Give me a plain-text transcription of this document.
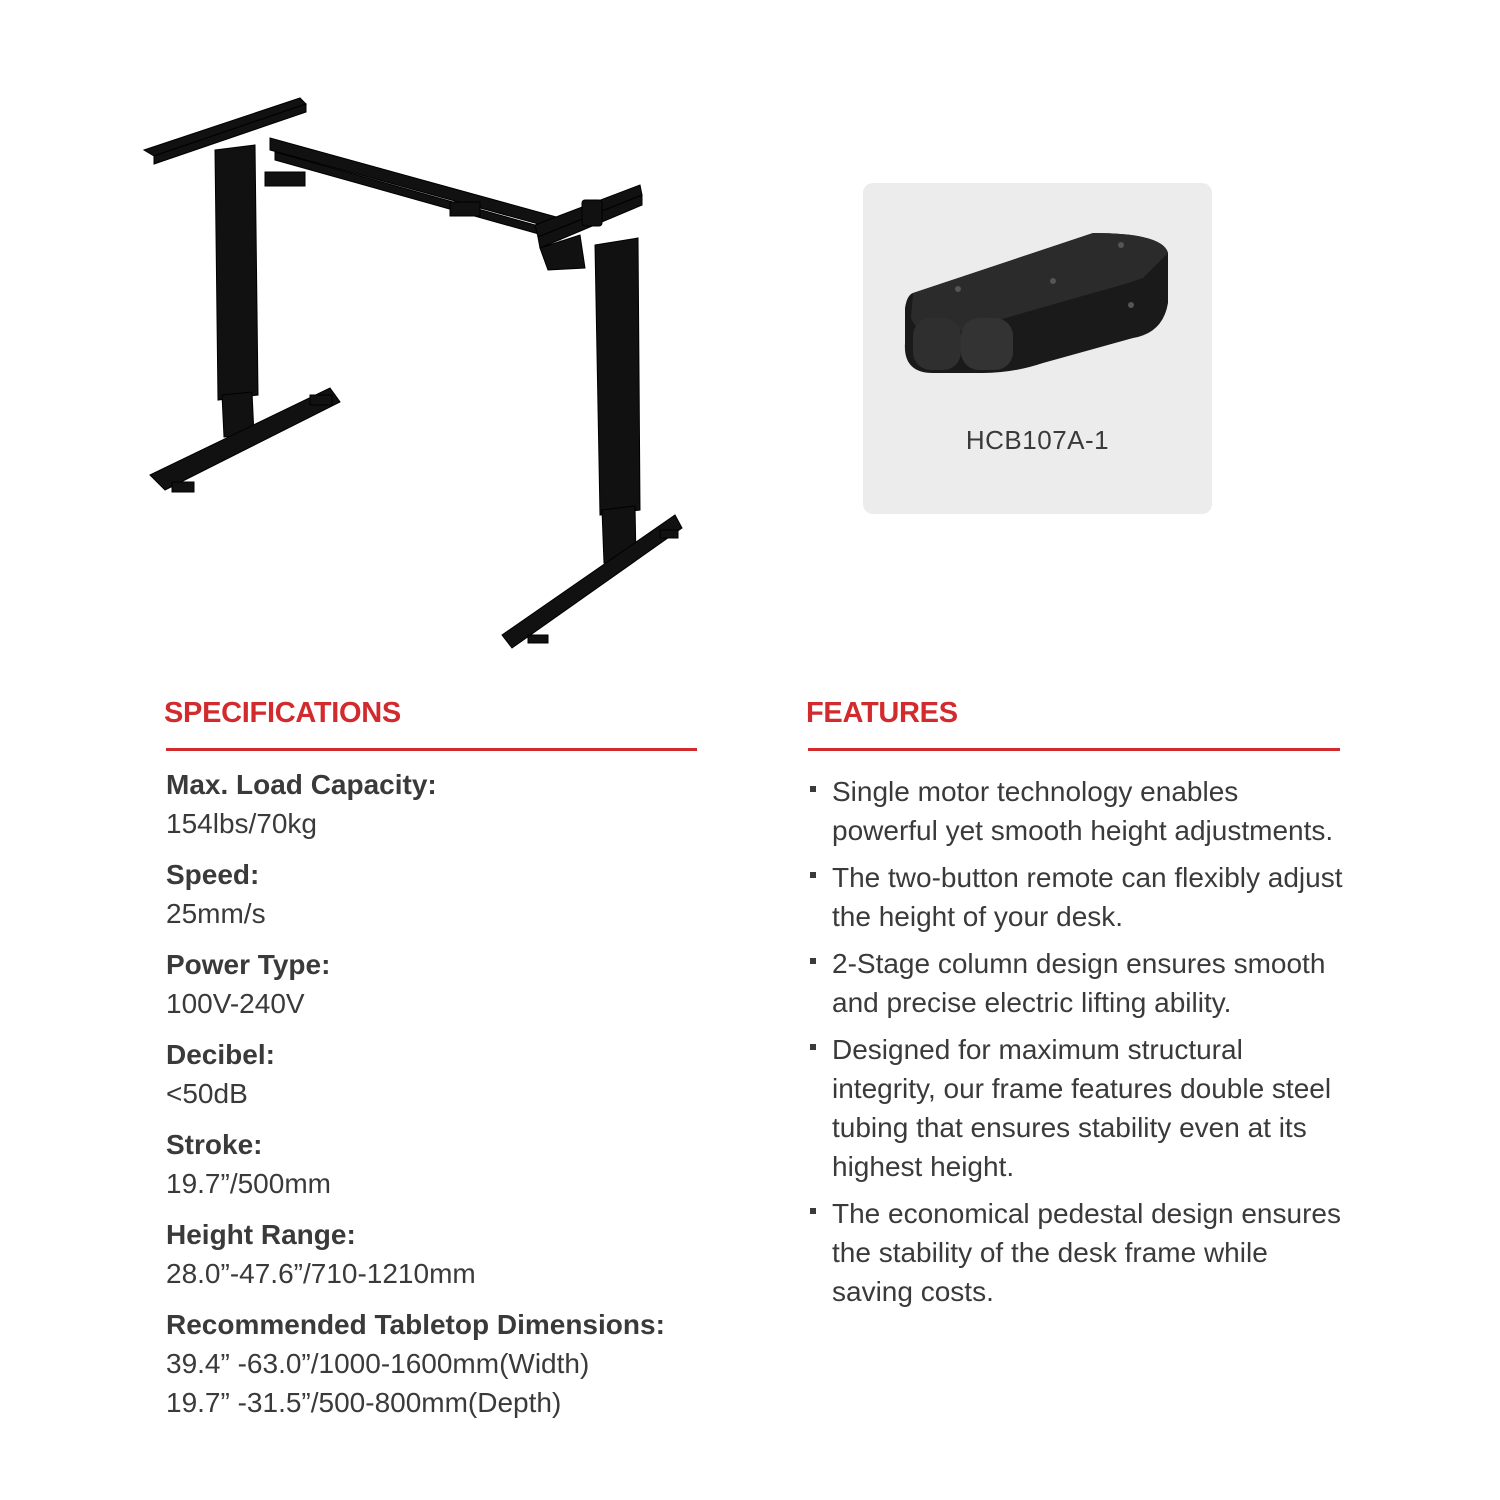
HCB107A-1
SPECIFICATIONS
Max. Load Capacity:
154lbs/70kg
Speed:
25mm/s
Power Type:
100V-240V
Decibel:
<50dB
Stroke:
19.7”/500mm
Height Range:
28.0”-47.6”/710-1210mm
Recommended Tabletop Dimensions:
39.4” -63.0”/1000-1600mm(Width)
19.7” -31.5”/500-800mm(Depth)
FEATURES
Single motor technology enables powerful yet smooth height adjustments.
The two-button remote can flexibly adjust the height of your desk.
2-Stage column design ensures smooth and precise electric lifting ability.
Designed for maximum structural integrity, our frame features double steel tubing that ensures stability even at its highest height.
The economical pedestal design ensures the stability of the desk frame while saving costs.
